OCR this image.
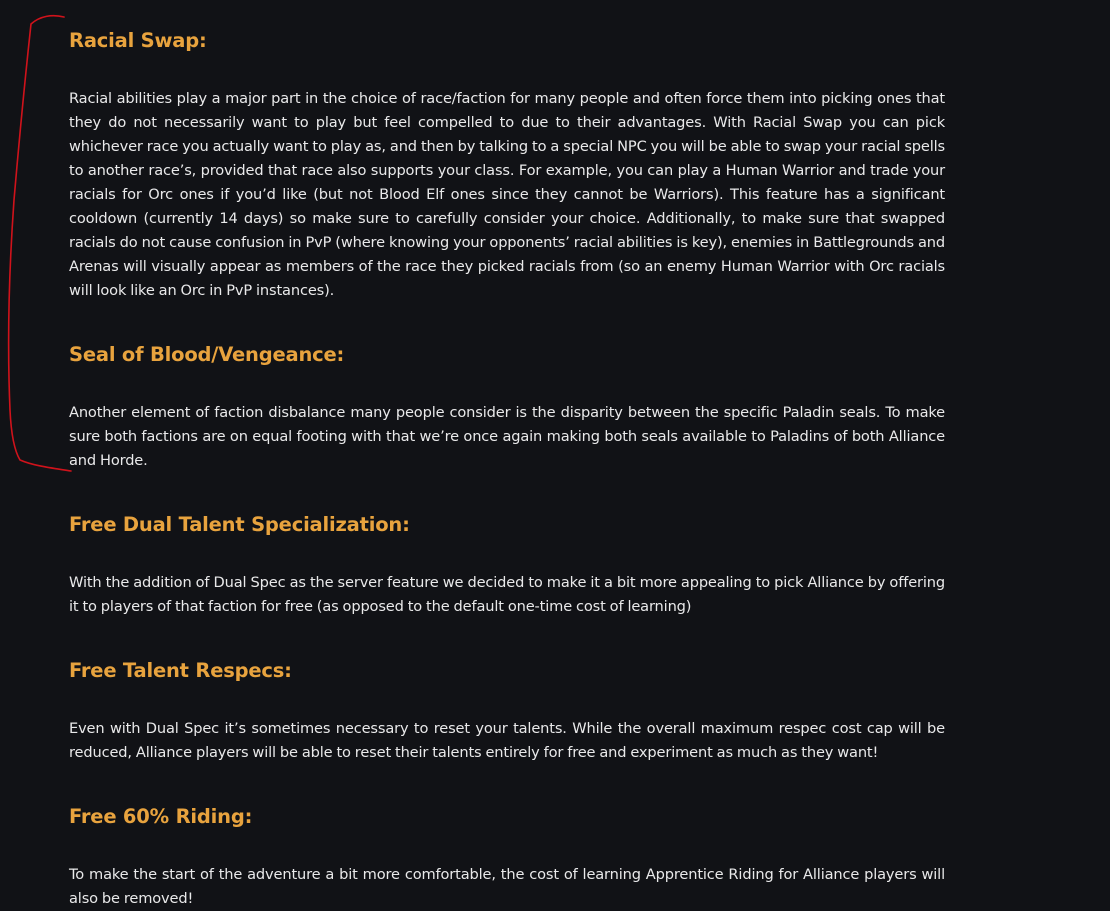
Racial Swap:

Racial abilities play a major part in the choice of race/faction for many people and often force them into picking ones that they do not necessarily want to play but feel compelled to due to their advantages. With Racial Swap you can pick whichever race you actually want to play as, and then by talking to a special NPC you will be able to swap your racial spells to another race’s, provided that race also supports your class. For example, you can play a Human Warrior and trade your racials for Orc ones if you’d like (but not Blood Elf ones since they cannot be Warriors). This feature has a significant cooldown (currently 14 days) so make sure to carefully consider your choice. Additionally, to make sure that swapped racials do not cause confusion in PvP (where knowing your opponents’ racial abilities is key), enemies in Battlegrounds and Arenas will visually appear as members of the race they picked racials from (so an enemy Human Warrior with Orc racials will look like an Orc in PvP instances).

Seal of Blood/Vengeance:

Another element of faction disbalance many people consider is the disparity between the specific Paladin seals. To make sure both factions are on equal footing with that we’re once again making both seals available to Paladins of both Alliance and Horde.

Free Dual Talent Specialization:

With the addition of Dual Spec as the server feature we decided to make it a bit more appealing to pick Alliance by offering it to players of that faction for free (as opposed to the default one-time cost of learning)

Free Talent Respecs:

Even with Dual Spec it’s sometimes necessary to reset your talents. While the overall maximum respec cost cap will be reduced, Alliance players will be able to reset their talents entirely for free and experiment as much as they want!

Free 60% Riding:

To make the start of the adventure a bit more comfortable, the cost of learning Apprentice Riding for Alliance players will also be removed!
